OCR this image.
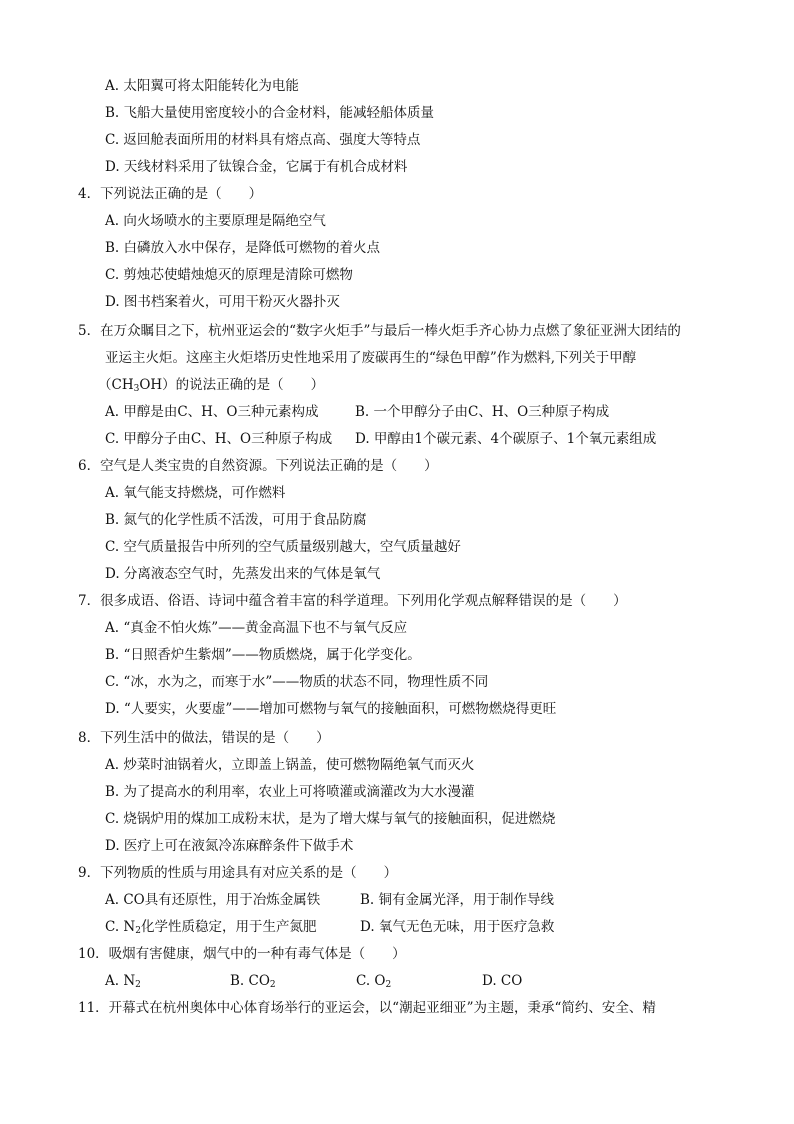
A. 太阳翼可将太阳能转化为电能
B. 飞船大量使用密度较小的合金材料，能减轻船体质量
C. 返回舱表面所用的材料具有熔点高、强度大等特点
D. 天线材料采用了钛镍合金，它属于有机合成材料
4．下列说法正确的是（　　）
A. 向火场喷水的主要原理是隔绝空气
B. 白磷放入水中保存，是降低可燃物的着火点
C. 剪烛芯使蜡烛熄灭的原理是清除可燃物
D. 图书档案着火，可用干粉灭火器扑灭
5．在万众瞩目之下，杭州亚运会的“数字火炬手”与最后一棒火炬手齐心协力点燃了象征亚洲大团结的
亚运主火炬。这座主火炬塔历史性地采用了废碳再生的“绿色甲醇”作为燃料,下列关于甲醇
$(CH_3OH)$的说法正确的是（　　）
A. 甲醇是由C、H、O三种元素构成	B. 一个甲醇分子由C、H、O三种原子构成
C. 甲醇分子由C、H、O三种原子构成 D. 甲醇由1个碳元素、4个碳原子、1个氧元素组成
6．空气是人类宝贵的自然资源。下列说法正确的是（　　）
A. 氧气能支持燃烧，可作燃料
B. 氮气的化学性质不活泼，可用于食品防腐
C. 空气质量报告中所列的空气质量级别越大，空气质量越好
D. 分离液态空气时，先蒸发出来的气体是氧气
7．很多成语、俗语、诗词中蕴含着丰富的科学道理。下列用化学观点解释错误的是（　　）
A. “真金不怕火炼”——黄金高温下也不与氧气反应
B. “日照香炉生紫烟”——物质燃烧，属于化学变化。
C. “冰，水为之，而寒于水”——物质的状态不同，物理性质不同
D. “人要实，火要虚”——增加可燃物与氧气的接触面积，可燃物燃烧得更旺
8．下列生活中的做法，错误的是（　　）
A. 炒菜时油锅着火，立即盖上锅盖，使可燃物隔绝氧气而灭火
B. 为了提高水的利用率，农业上可将喷灌或滴灌改为大水漫灌
C. 烧锅炉用的煤加工成粉末状，是为了增大煤与氧气的接触面积，促进燃烧
D. 医疗上可在液氮冷冻麻醉条件下做手术
9．下列物质的性质与用途具有对应关系的是（　　）
A. CO具有还原性，用于冶炼金属铁	B. 铜有金属光泽，用于制作导线
C. $N_2$化学性质稳定，用于生产氮肥	D. 氧气无色无味，用于医疗急救
10．吸烟有害健康，烟气中的一种有毒气体是（　　）
A. $N_2$	B. $CO_2$	C. $O_2$	D. CO
11．开幕式在杭州奥体中心体育场举行的亚运会，以“潮起亚细亚”为主题，秉承“简约、安全、精
